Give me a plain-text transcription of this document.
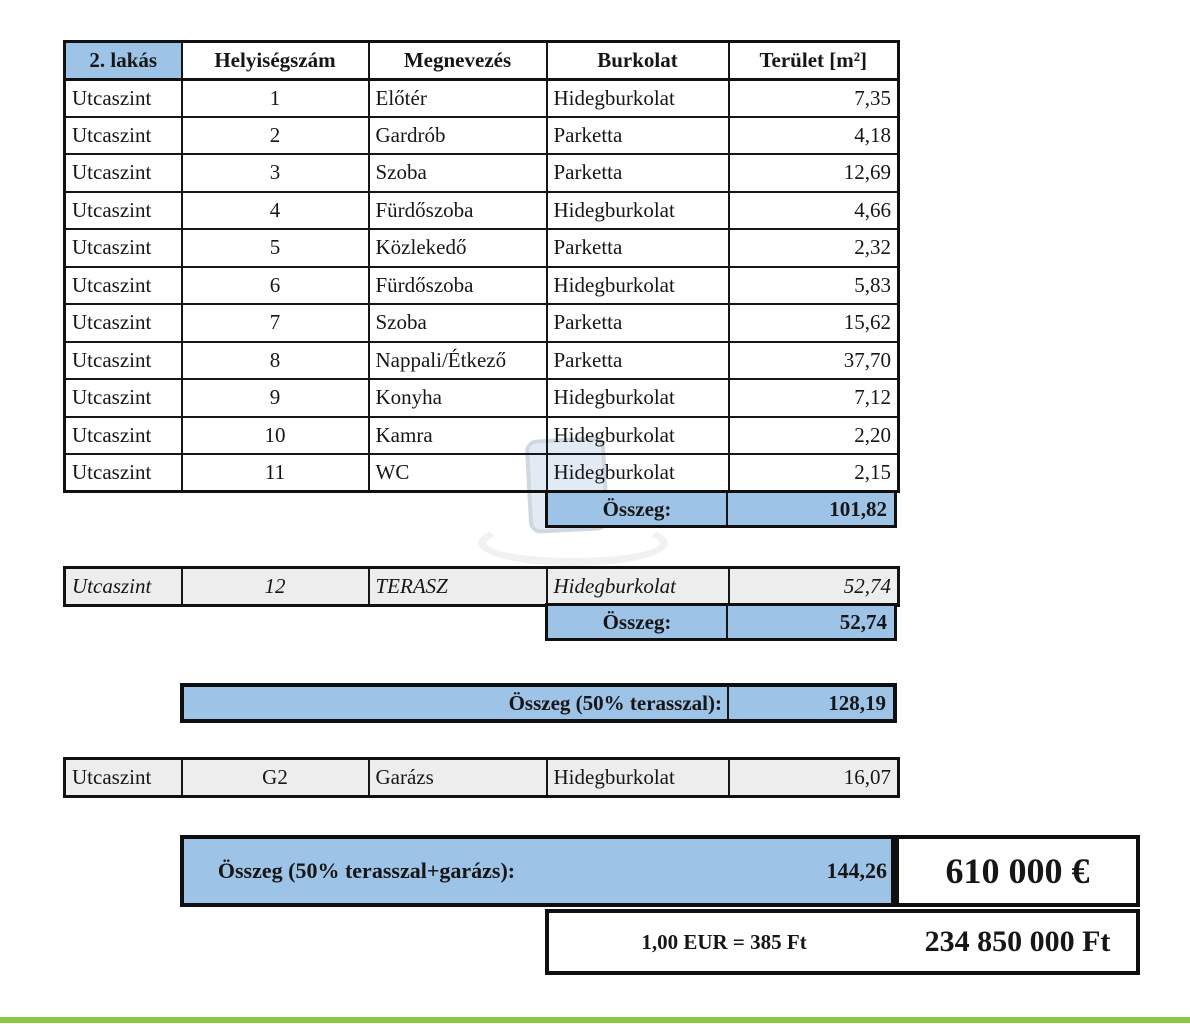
2. lakás	Helyiségszám	Megnevezés	Burkolat	Terület [m²]
Utcaszint	1	Előtér	Hidegburkolat	7,35
Utcaszint	2	Gardrób	Parketta	4,18
Utcaszint	3	Szoba	Parketta	12,69
Utcaszint	4	Fürdőszoba	Hidegburkolat	4,66
Utcaszint	5	Közlekedő	Parketta	2,32
Utcaszint	6	Fürdőszoba	Hidegburkolat	5,83
Utcaszint	7	Szoba	Parketta	15,62
Utcaszint	8	Nappali/Étkező	Parketta	37,70
Utcaszint	9	Konyha	Hidegburkolat	7,12
Utcaszint	10	Kamra	Hidegburkolat	2,20
Utcaszint	11	WC	Hidegburkolat	2,15
Összeg:	101,82
Utcaszint	12	TERASZ	Hidegburkolat	52,74
Összeg:	52,74
Összeg (50% terasszal):	128,19
Utcaszint	G2	Garázs	Hidegburkolat	16,07
Összeg (50% terasszal+garázs):	144,26	610 000 €
1,00 EUR = 385 Ft	234 850 000 Ft
